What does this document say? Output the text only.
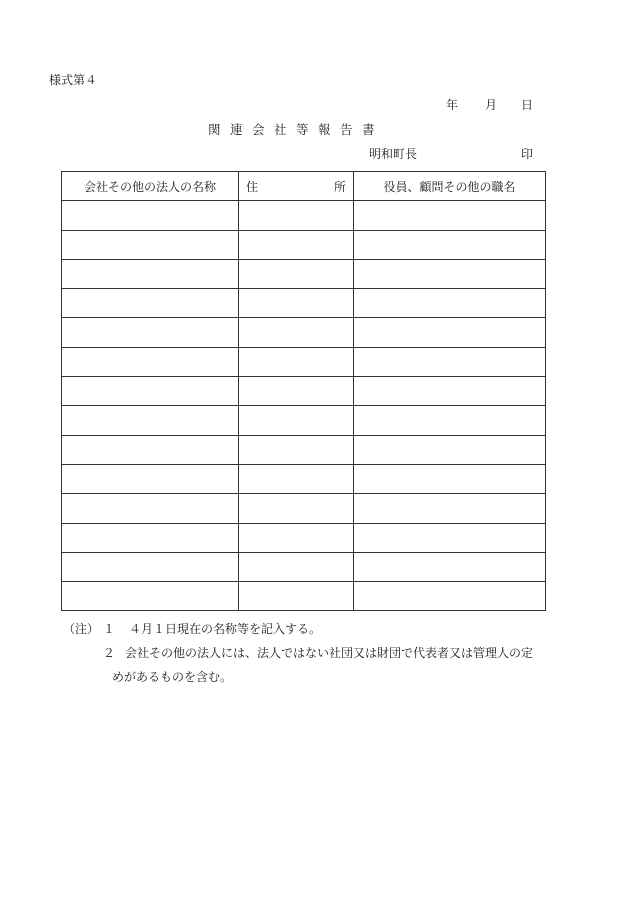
様式第４
年 月 日
関連会社等報告書
明和町長	印
会社その他の法人の名称	住 所	役員、顧問その他の職名

（注） １ ４月１日現在の名称等を記入する。
２ 会社その他の法人には、法人ではない社団又は財団で代表者又は管理人の定
めがあるものを含む。
